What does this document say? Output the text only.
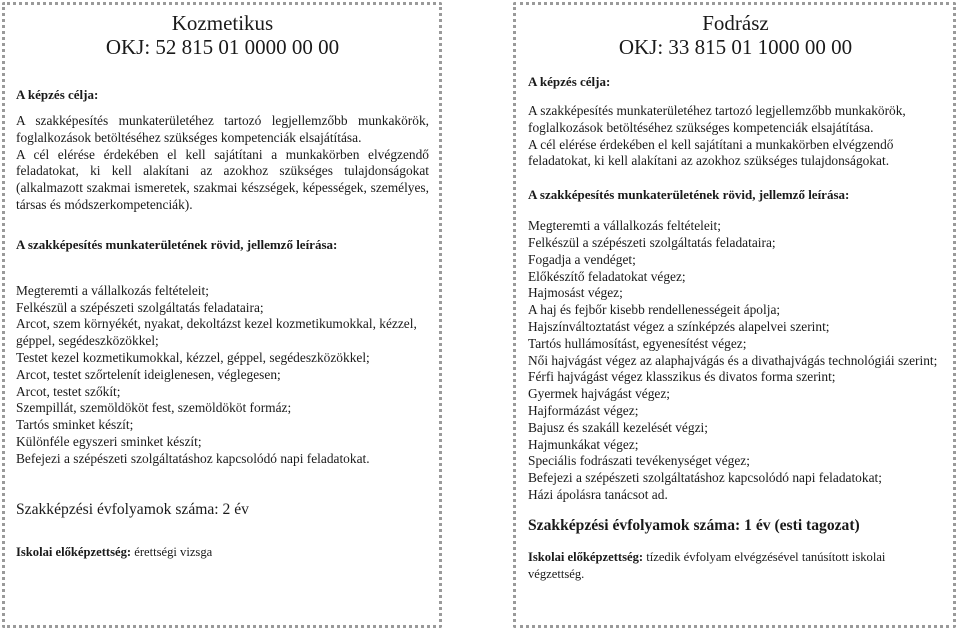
Kozmetikus
OKJ: 52 815 01 0000 00 00
A képzés célja:

A szakképesítés munkaterületéhez tartozó legjellemzőbb munkakörök, foglalkozások betöltéséhez szükséges kompetenciák elsajátítása.

A cél elérése érdekében el kell sajátítani a munkakörben elvégzendő feladatokat, ki kell alakítani az azokhoz szükséges tulajdonságokat (alkalmazott szakmai ismeretek, szakmai készségek, képességek, személyes, társas és módszerkompetenciák).

A szakképesítés munkaterületének rövid, jellemző leírása:
Megteremti a vállalkozás feltételeit;
Felkészül a szépészeti szolgáltatás feladataira;
Arcot, szem környékét, nyakat, dekoltázst kezel kozmetikumokkal, kézzel, géppel, segédeszközökkel;
Testet kezel kozmetikumokkal, kézzel, géppel, segédeszközökkel;
Arcot, testet szőrtelenít ideiglenesen, véglegesen;
Arcot, testet szőkít;
Szempillát, szemöldököt fest, szemöldököt formáz;
Tartós sminket készít;
Különféle egyszeri sminket készít;
Befejezi a szépészeti szolgáltatáshoz kapcsolódó napi feladatokat.
Szakképzési évfolyamok száma: 2 év
Iskolai előképzettség: érettségi vizsga
Fodrász
OKJ: 33 815 01 1000 00 00
A képzés célja:

A szakképesítés munkaterületéhez tartozó legjellemzőbb munkakörök, foglalkozások betöltéséhez szükséges kompetenciák elsajátítása.

A cél elérése érdekében el kell sajátítani a munkakörben elvégzendő feladatokat, ki kell alakítani az azokhoz szükséges tulajdonságokat.

A szakképesítés munkaterületének rövid, jellemző leírása:
Megteremti a vállalkozás feltételeit;
Felkészül a szépészeti szolgáltatás feladataira;
Fogadja a vendéget;
Előkészítő feladatokat végez;
Hajmosást végez;
A haj és fejbőr kisebb rendellenességeit ápolja;
Hajszínváltoztatást végez a színképzés alapelvei szerint;
Tartós hullámosítást, egyenesítést végez;
Női hajvágást végez az alaphajvágás és a divathajvágás technológiái szerint;
Férfi hajvágást végez klasszikus és divatos forma szerint;
Gyermek hajvágást végez;
Hajformázást végez;
Bajusz és szakáll kezelését végzi;
Hajmunkákat végez;
Speciális fodrászati tevékenységet végez;
Befejezi a szépészeti szolgáltatáshoz kapcsolódó napi feladatokat;
Házi ápolásra tanácsot ad.
Szakképzési évfolyamok száma: 1 év (esti tagozat)
Iskolai előképzettség: tízedik évfolyam elvégzésével tanúsított iskolai végzettség.
